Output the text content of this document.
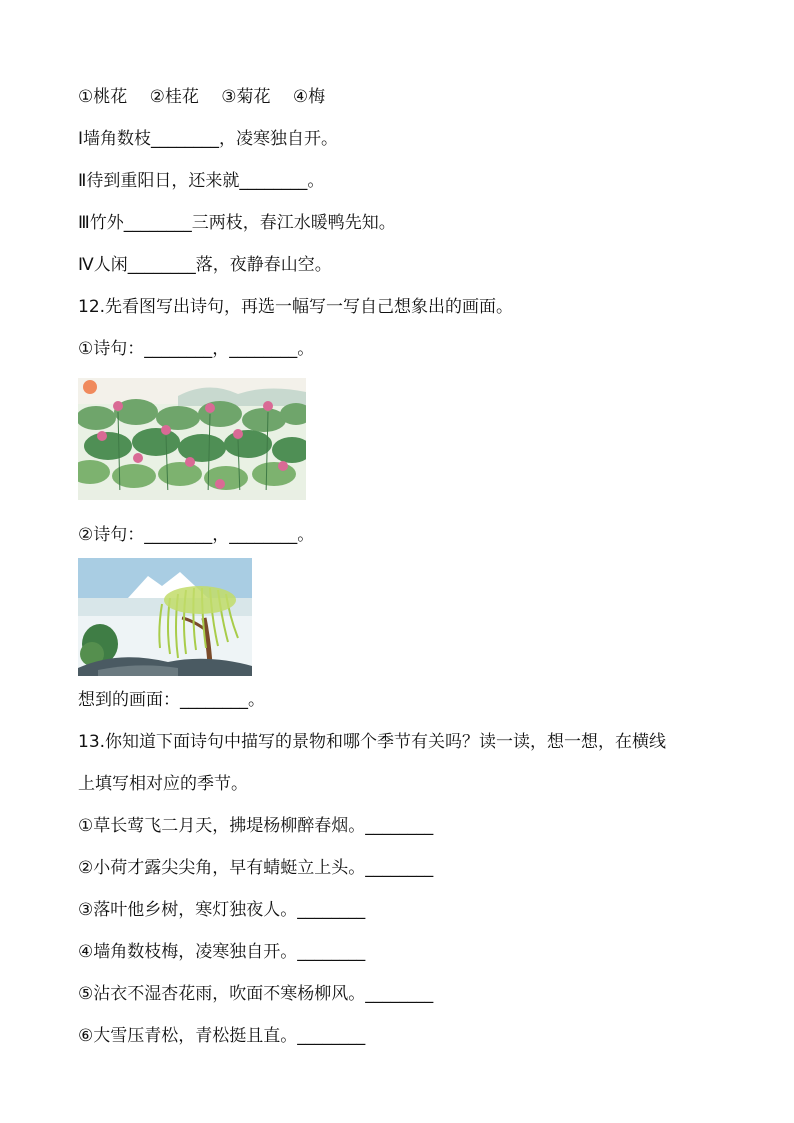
①桃花　 ②桂花　 ③菊花　 ④梅
Ⅰ墙角数枝________，凌寒独自开。
Ⅱ待到重阳日，还来就________。
Ⅲ竹外________三两枝，春江水暖鸭先知。
Ⅳ人闲________落，夜静春山空。
12.先看图写出诗句，再选一幅写一写自己想象出的画面。
①诗句：________，________。
②诗句：________，________。
想到的画面：________。
13.你知道下面诗句中描写的景物和哪个季节有关吗？读一读，想一想，在横线
上填写相对应的季节。
①草长莺飞二月天，拂堤杨柳醉春烟。________
②小荷才露尖尖角，早有蜻蜓立上头。________
③落叶他乡树，寒灯独夜人。________
④墙角数枝梅，凌寒独自开。________
⑤沾衣不湿杏花雨，吹面不寒杨柳风。________
⑥大雪压青松，青松挺且直。________
